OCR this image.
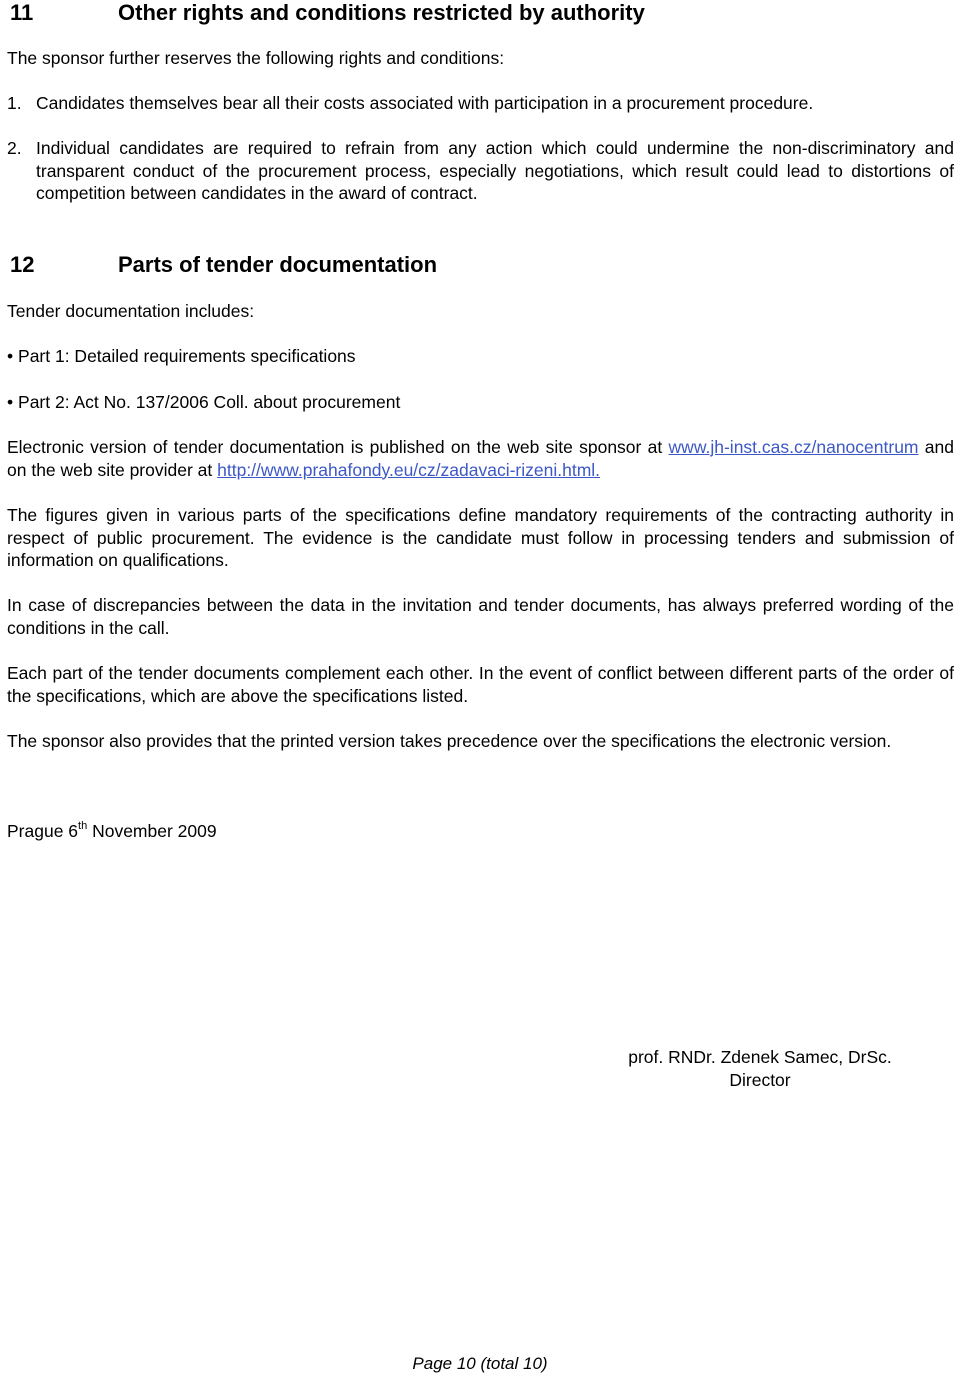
11	Other rights and conditions restricted by authority
The sponsor further reserves the following rights and conditions:
1. Candidates themselves bear all their costs associated with participation in a procurement procedure.
2. Individual candidates are required to refrain from any action which could undermine the non-discriminatory and transparent conduct of the procurement process, especially negotiations, which result could lead to distortions of competition between candidates in the award of contract.
12	Parts of tender documentation
Tender documentation includes:
• Part 1: Detailed requirements specifications
• Part 2: Act No. 137/2006 Coll. about procurement
Electronic version of tender documentation is published on the web site sponsor at www.jh-inst.cas.cz/nanocentrum and on the web site provider at http://www.prahafondy.eu/cz/zadavaci-rizeni.html.
The figures given in various parts of the specifications define mandatory requirements of the contracting authority in respect of public procurement. The evidence is the candidate must follow in processing tenders and submission of information on qualifications.
In case of discrepancies between the data in the invitation and tender documents, has always preferred wording of the conditions in the call.
Each part of the tender documents complement each other. In the event of conflict between different parts of the order of the specifications, which are above the specifications listed.
The sponsor also provides that the printed version takes precedence over the specifications the electronic version.
Prague 6th November 2009
prof. RNDr. Zdenek Samec, DrSc.
Director
Page 10 (total 10)
